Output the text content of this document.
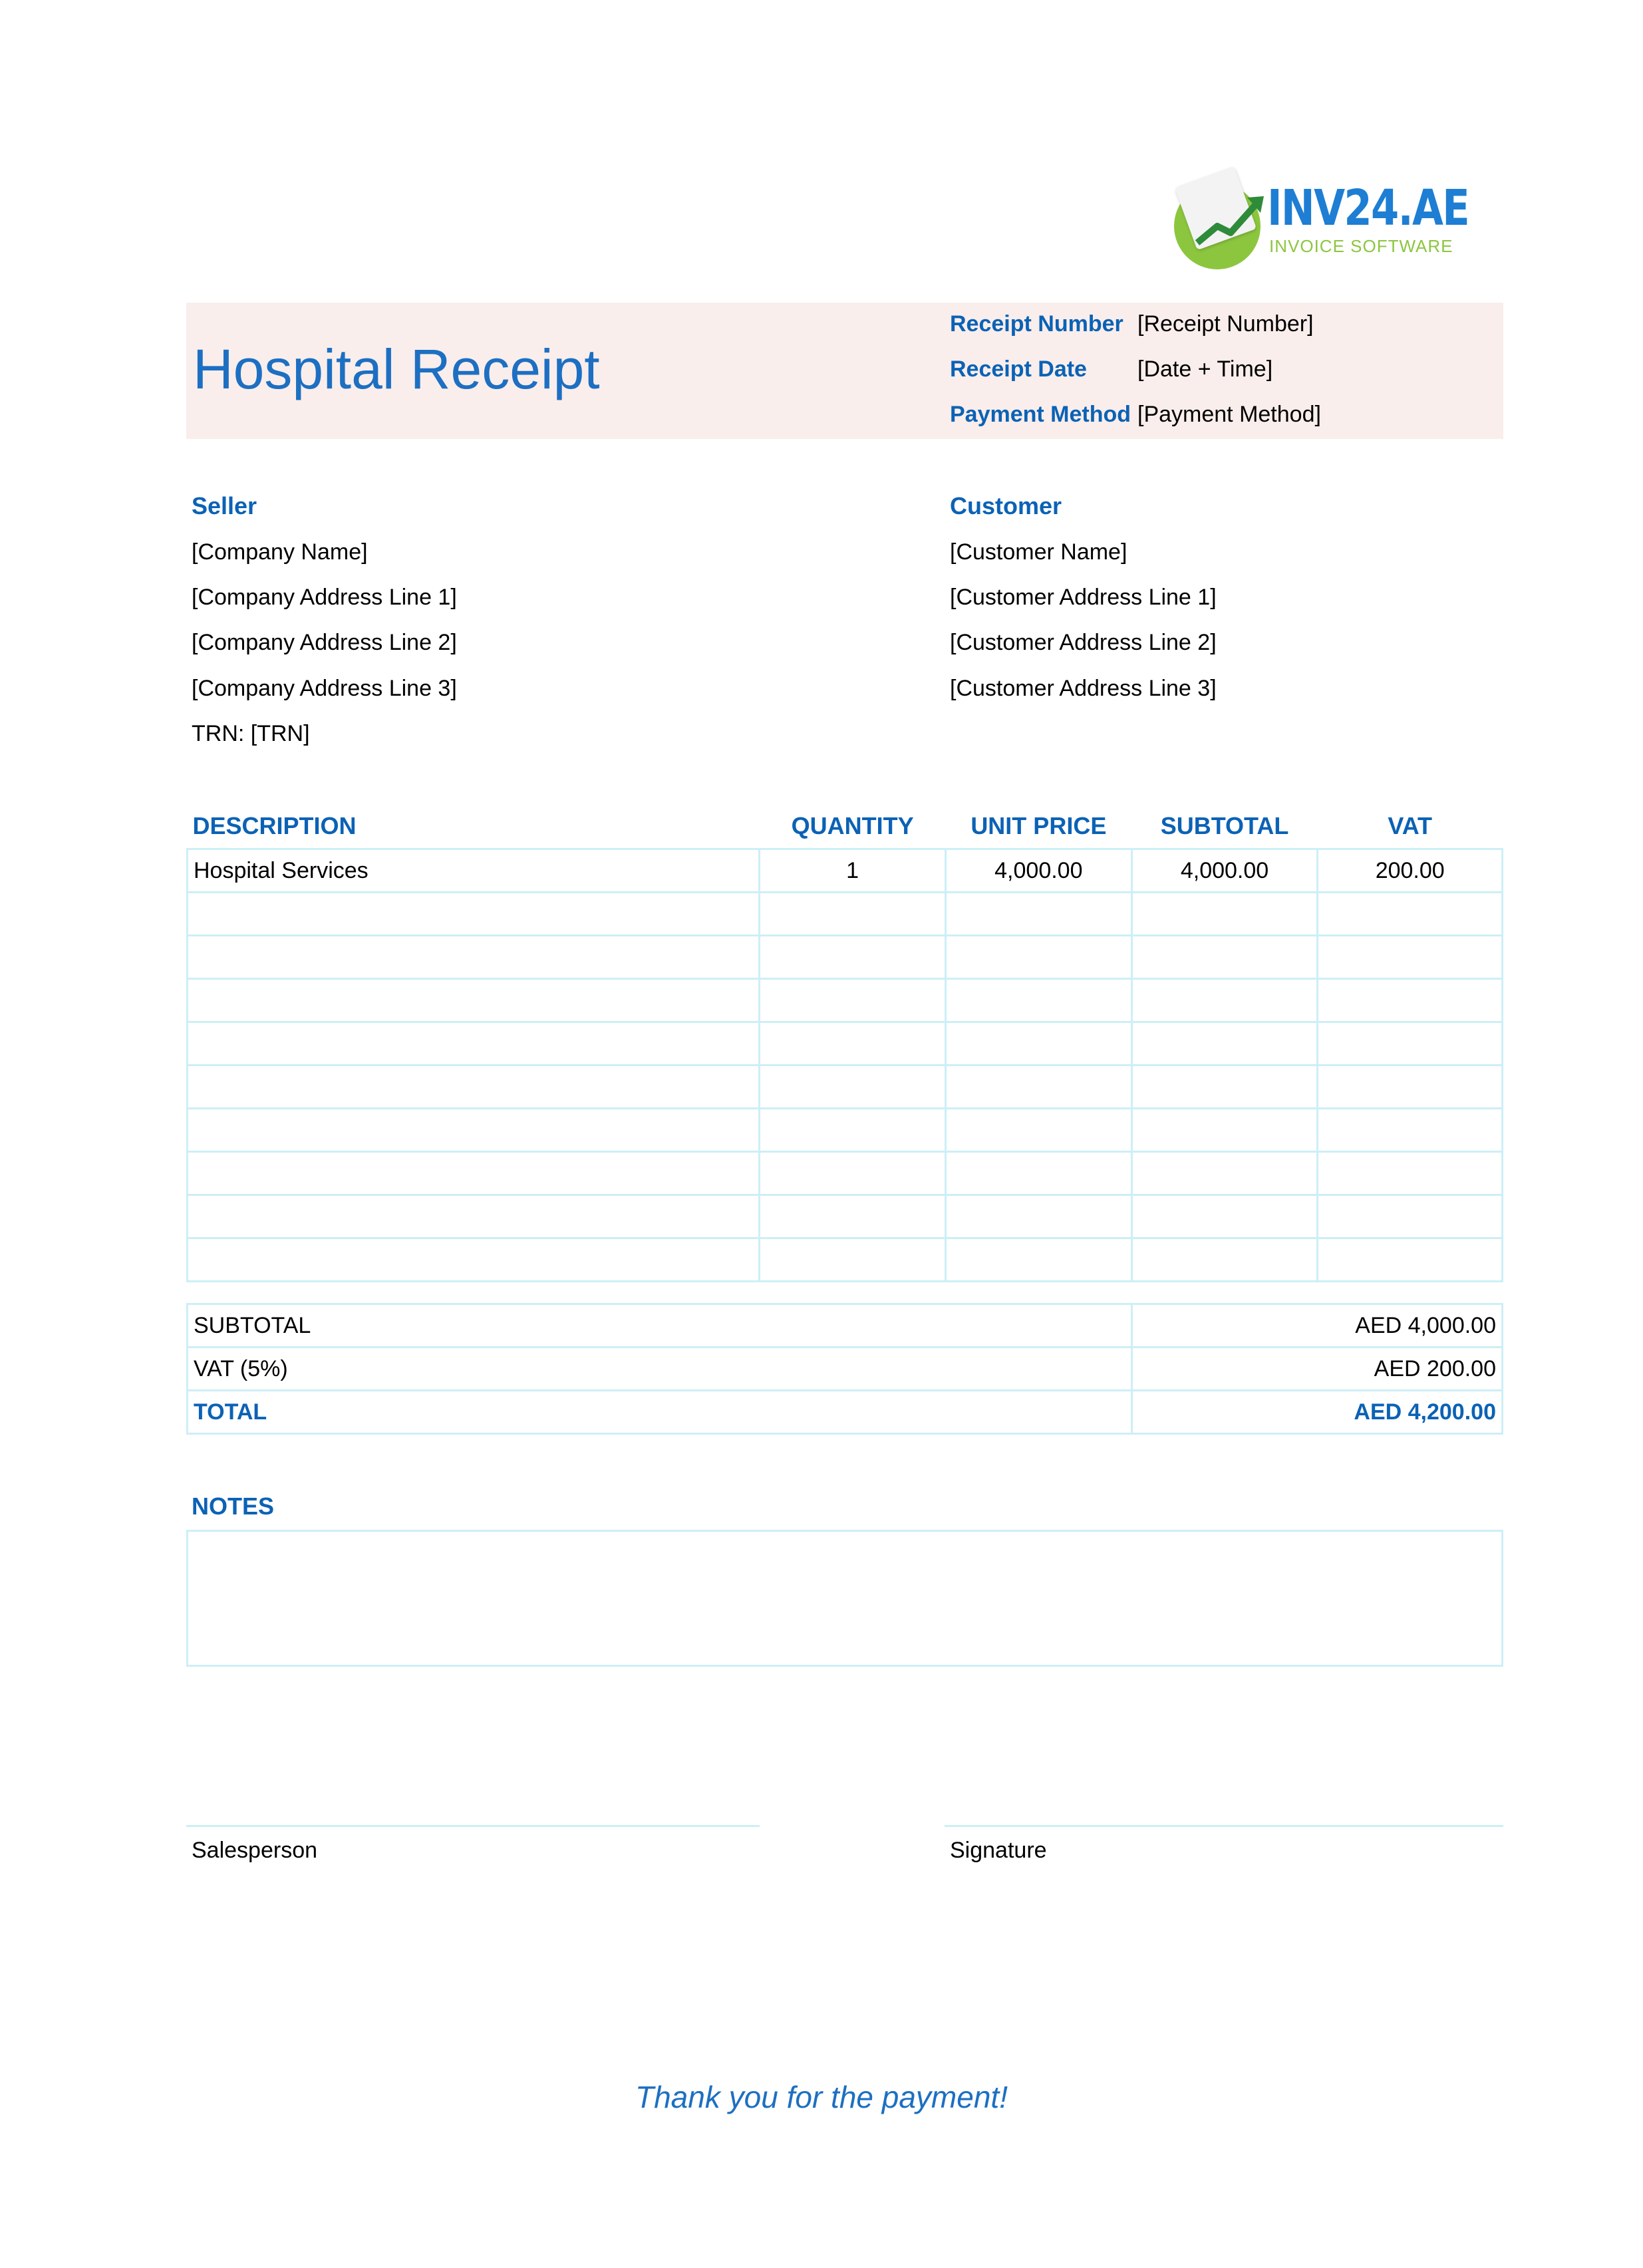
INV24.AE
INVOICE SOFTWARE
Hospital Receipt
Receipt Number [Receipt Number]
Receipt Date [Date + Time]
Payment Method [Payment Method]
Seller
[Company Name]
[Company Address Line 1]
[Company Address Line 2]
[Company Address Line 3]
TRN: [TRN]
Customer
[Customer Name]
[Customer Address Line 1]
[Customer Address Line 2]
[Customer Address Line 3]
DESCRIPTION	QUANTITY	UNIT PRICE	SUBTOTAL	VAT
Hospital Services	1	4,000.00	4,000.00	200.00

SUBTOTAL	AED 4,000.00
VAT (5%)	AED 200.00
TOTAL	AED 4,200.00
NOTES
Salesperson	Signature
Thank you for the payment!
